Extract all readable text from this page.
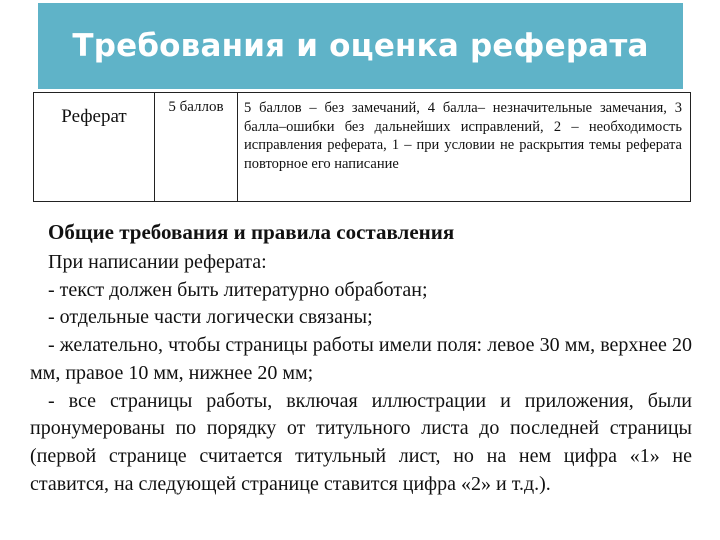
Требования и оценка реферата
Реферат	5 баллов	5 баллов – без замечаний, 4 балла– незначительные замечания, 3 балла–ошибки без дальнейших исправлений, 2 – необходимость исправления реферата, 1 – при условии не раскрытия темы реферата повторное его написание
Общие требования и правила составления

При написании реферата:

- текст должен быть литературно обработан;

- отдельные части логически связаны;

- желательно, чтобы страницы работы имели поля: левое 30 мм, верхнее 20 мм, правое 10 мм, нижнее 20 мм;

- все страницы работы, включая иллюстрации и приложения, были пронумерованы по порядку от титульного листа до последней страницы (первой странице считается титульный лист, но на нем цифра «1» не ставится, на следующей странице ставится цифра «2» и т.д.).
